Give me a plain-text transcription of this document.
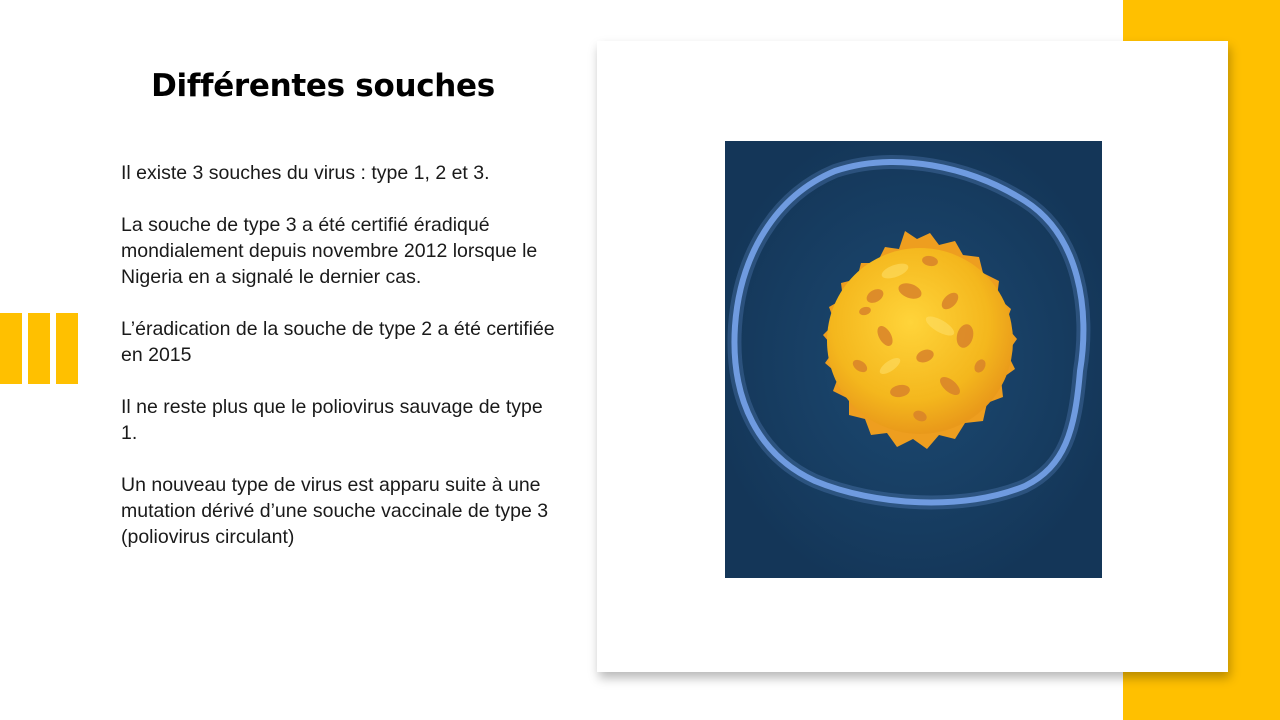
Différentes souches

Il existe 3 souches du virus : type 1, 2 et 3.

La souche de type 3 a été certifié éradiqué mondialement depuis novembre 2012 lorsque le Nigeria en a signalé le dernier cas.

L’éradication de la souche de type 2 a été certifiée en 2015

Il ne reste plus que le poliovirus sauvage de type 1.

Un nouveau type de virus est apparu suite à une mutation dérivé d’une souche vaccinale de type 3 (poliovirus circulant)
